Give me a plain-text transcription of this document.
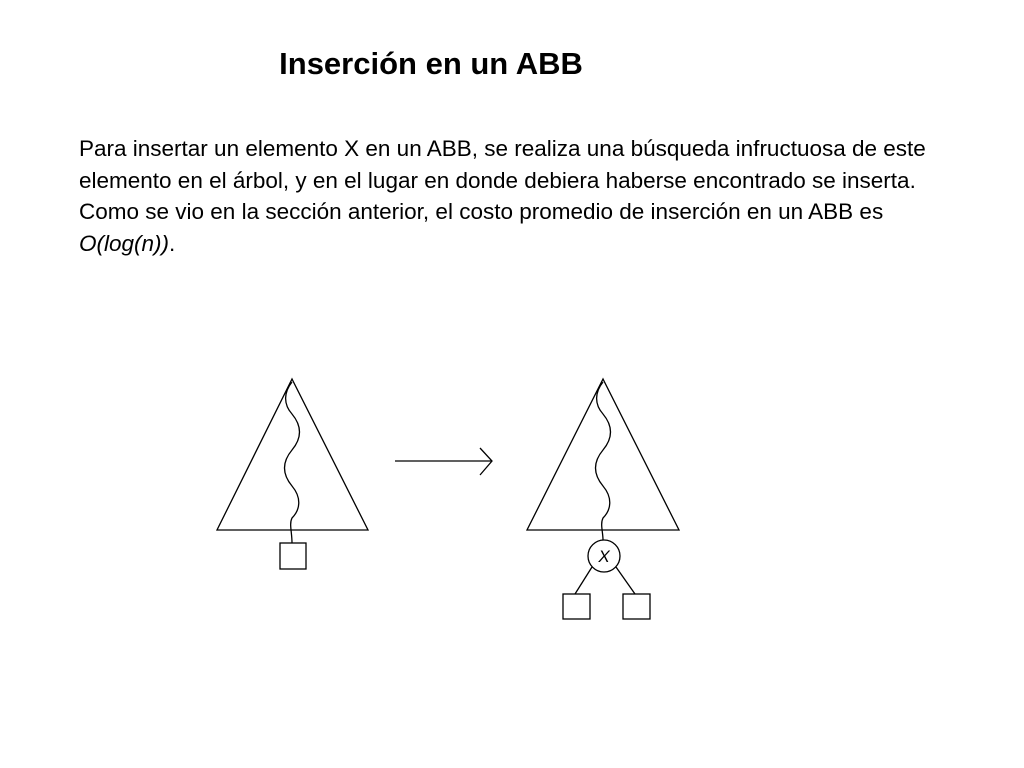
Inserción en un ABB

Para insertar un elemento X en un ABB, se realiza una búsqueda infructuosa de este elemento en el árbol, y en el lugar en donde debiera haberse encontrado se inserta. Como se vio en la sección anterior, el costo promedio de inserción en un ABB es O(log(n)).

X
